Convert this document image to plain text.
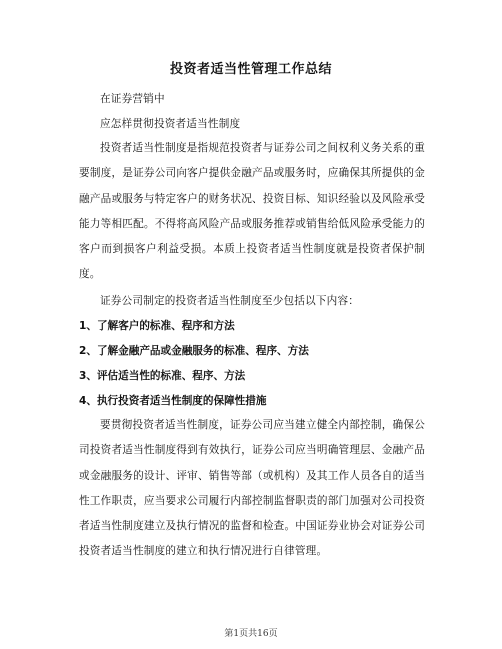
投资者适当性管理工作总结
在证券营销中
应怎样贯彻投资者适当性制度
投资者适当性制度是指规范投资者与证券公司之间权利义务关系的重要制度，是证券公司向客户提供金融产品或服务时，应确保其所提供的金融产品或服务与特定客户的财务状况、投资目标、知识经验以及风险承受能力等相匹配。不得将高风险产品或服务推荐或销售给低风险承受能力的客户而到损客户利益受损。本质上投资者适当性制度就是投资者保护制度。
证券公司制定的投资者适当性制度至少包括以下内容：
1、了解客户的标准、程序和方法
2、了解金融产品或金融服务的标准、程序、方法
3、评估适当性的标准、程序、方法
4、执行投资者适当性制度的保障性措施
要贯彻投资者适当性制度，证券公司应当建立健全内部控制，确保公司投资者适当性制度得到有效执行，证券公司应当明确管理层、金融产品或金融服务的设计、评审、销售等部（或机构）及其工作人员各自的适当性工作职责，应当要求公司履行内部控制监督职责的部门加强对公司投资者适当性制度建立及执行情况的监督和检查。中国证券业协会对证券公司投资者适当性制度的建立和执行情况进行自律管理。
第1页共16页
